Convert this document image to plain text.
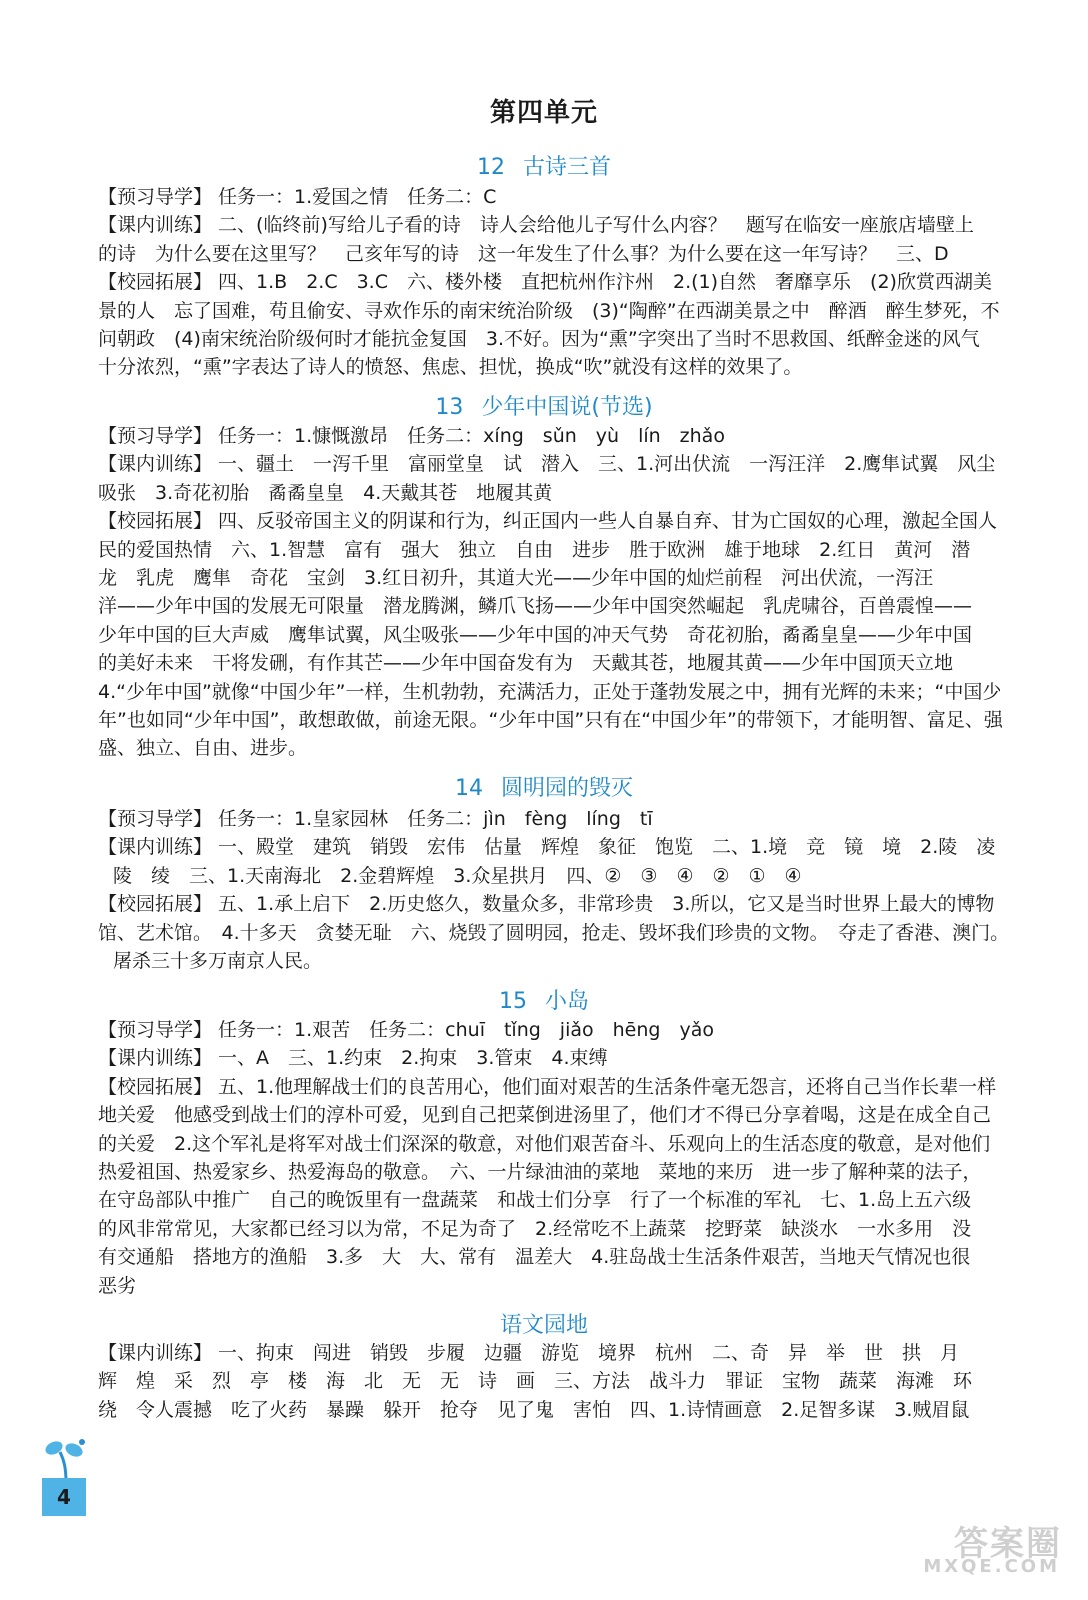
第四单元
12 古诗三首
【预习导学】 任务一：1.爱国之情　任务二：C
【课内训练】 二、(临终前)写给儿子看的诗　诗人会给他儿子写什么内容？　题写在临安一座旅店墙壁上
的诗　为什么要在这里写？　己亥年写的诗　这一年发生了什么事？为什么要在这一年写诗？　三、D
【校园拓展】 四、1.B　2.C　3.C　六、楼外楼　直把杭州作汴州　2.(1)自然　奢靡享乐　(2)欣赏西湖美
景的人　忘了国难，苟且偷安、寻欢作乐的南宋统治阶级　(3)“陶醉”在西湖美景之中　醉酒　醉生梦死，不
问朝政　(4)南宋统治阶级何时才能抗金复国　3.不好。因为“熏”字突出了当时不思救国、纸醉金迷的风气
十分浓烈，“熏”字表达了诗人的愤怒、焦虑、担忧，换成“吹”就没有这样的效果了。
13 少年中国说(节选)
【预习导学】 任务一：1.慷慨激昂　任务二：xíng　sǔn　yù　lín　zhǎo
【课内训练】 一、疆土　一泻千里　富丽堂皇　试　潜入　三、1.河出伏流　一泻汪洋　2.鹰隼试翼　风尘
吸张　3.奇花初胎　矞矞皇皇　4.天戴其苍　地履其黄
【校园拓展】 四、反驳帝国主义的阴谋和行为，纠正国内一些人自暴自弃、甘为亡国奴的心理，激起全国人
民的爱国热情　六、1.智慧　富有　强大　独立　自由　进步　胜于欧洲　雄于地球　2.红日　黄河　潜
龙　乳虎　鹰隼　奇花　宝剑　3.红日初升，其道大光——少年中国的灿烂前程　河出伏流，一泻汪
洋——少年中国的发展无可限量　潜龙腾渊，鳞爪飞扬——少年中国突然崛起　乳虎啸谷，百兽震惶——
少年中国的巨大声威　鹰隼试翼，风尘吸张——少年中国的冲天气势　奇花初胎，矞矞皇皇——少年中国
的美好未来　干将发硎，有作其芒——少年中国奋发有为　天戴其苍，地履其黄——少年中国顶天立地
4.“少年中国”就像“中国少年”一样，生机勃勃，充满活力，正处于蓬勃发展之中，拥有光辉的未来；“中国少
年”也如同“少年中国”，敢想敢做，前途无限。“少年中国”只有在“中国少年”的带领下，才能明智、富足、强
盛、独立、自由、进步。
14 圆明园的毁灭
【预习导学】 任务一：1.皇家园林　任务二：jìn　fèng　líng　tī
【课内训练】 一、殿堂　建筑　销毁　宏伟　估量　辉煌　象征　饱览　二、1.境　竞　镜　境　2.陵　凌
陵　绫　三、1.天南海北　2.金碧辉煌　3.众星拱月　四、②　③　④　②　①　④
【校园拓展】 五、1.承上启下　2.历史悠久，数量众多，非常珍贵　3.所以，它又是当时世界上最大的博物
馆、艺术馆。　4.十多天　贪婪无耻　六、烧毁了圆明园，抢走、毁坏我们珍贵的文物。　夺走了香港、澳门。
屠杀三十多万南京人民。
15 小岛
【预习导学】 任务一：1.艰苦　任务二：chuī　tǐng　jiǎo　hēng　yǎo
【课内训练】 一、A　三、1.约束　2.拘束　3.管束　4.束缚
【校园拓展】 五、1.他理解战士们的良苦用心，他们面对艰苦的生活条件毫无怨言，还将自己当作长辈一样
地关爱　他感受到战士们的淳朴可爱，见到自己把菜倒进汤里了，他们才不得已分享着喝，这是在成全自己
的关爱　2.这个军礼是将军对战士们深深的敬意，对他们艰苦奋斗、乐观向上的生活态度的敬意，是对他们
热爱祖国、热爱家乡、热爱海岛的敬意。　六、一片绿油油的菜地　菜地的来历　进一步了解种菜的法子，
在守岛部队中推广　自己的晚饭里有一盘蔬菜　和战士们分享　行了一个标准的军礼　七、1.岛上五六级
的风非常常见，大家都已经习以为常，不足为奇了　2.经常吃不上蔬菜　挖野菜　缺淡水　一水多用　没
有交通船　搭地方的渔船　3.多　大　大、常有　温差大　4.驻岛战士生活条件艰苦，当地天气情况也很
恶劣
语文园地
【课内训练】 一、拘束　闯进　销毁　步履　边疆　游览　境界　杭州　二、奇　异　举　世　拱　月
辉　煌　采　烈　亭　楼　海　北　无　无　诗　画　三、方法　战斗力　罪证　宝物　蔬菜　海滩　环
绕　令人震撼　吃了火药　暴躁　躲开　抢夺　见了鬼　害怕　四、1.诗情画意　2.足智多谋　3.贼眉鼠
4
答案圈
MXQE.COM
